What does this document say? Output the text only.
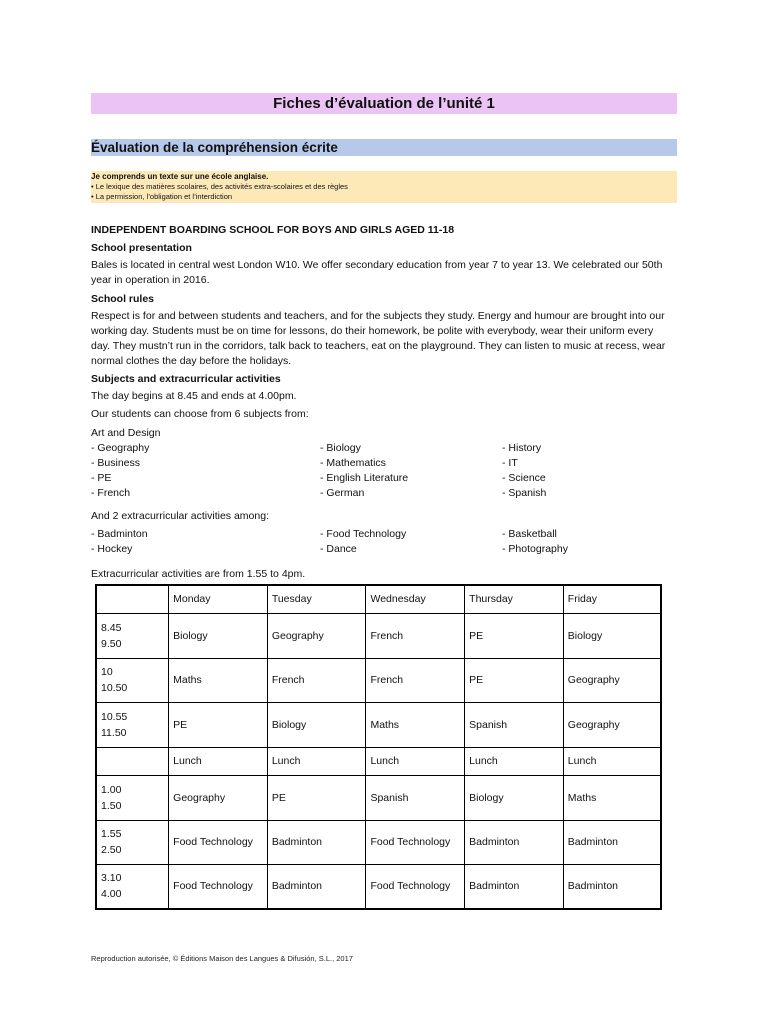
Fiches d’évaluation de l’unité 1
Évaluation de la compréhension écrite
Je comprends un texte sur une école anglaise.
• Le lexique des matières scolaires, des activités extra-scolaires et des règles
• La permission, l’obligation et l’interdiction
INDEPENDENT BOARDING SCHOOL FOR BOYS AND GIRLS AGED 11-18
School presentation
Bales is located in central west London W10. We offer secondary education from year 7 to year 13. We celebrated our 50th
year in operation in 2016.
School rules
Respect is for and between students and teachers, and for the subjects they study. Energy and humour are brought into our
working day. Students must be on time for lessons, do their homework, be polite with everybody, wear their uniform every
day. They mustn’t run in the corridors, talk back to teachers, eat on the playground. They can listen to music at recess, wear
normal clothes the day before the holidays.
Subjects and extracurricular activities
The day begins at 8.45 and ends at 4.00pm.
Our students can choose from 6 subjects from:
Art and Design
- Geography
- Business
- PE
- French
- Biology
- Mathematics
- English Literature
- German
- History
- IT
- Science
- Spanish
And 2 extracurricular activities among:
- Badminton
- Hockey
- Food Technology
- Dance
- Basketball
- Photography
Extracurricular activities are from 1.55 to 4pm.
	Monday	Tuesday	Wednesday	Thursday	Friday

8.45
9.50	Biology	Geography	French	PE	Biology

10
10.50	Maths	French	French	PE	Geography

10.55
11.50	PE	Biology	Maths	Spanish	Geography
	Lunch	Lunch	Lunch	Lunch	Lunch

1.00
1.50	Geography	PE	Spanish	Biology	Maths

1.55
2.50	Food Technology	Badminton	Food Technology	Badminton	Badminton

3.10
4.00	Food Technology	Badminton	Food Technology	Badminton	Badminton
Reproduction autorisée, © Éditions Maison des Langues & Difusión, S.L., 2017
